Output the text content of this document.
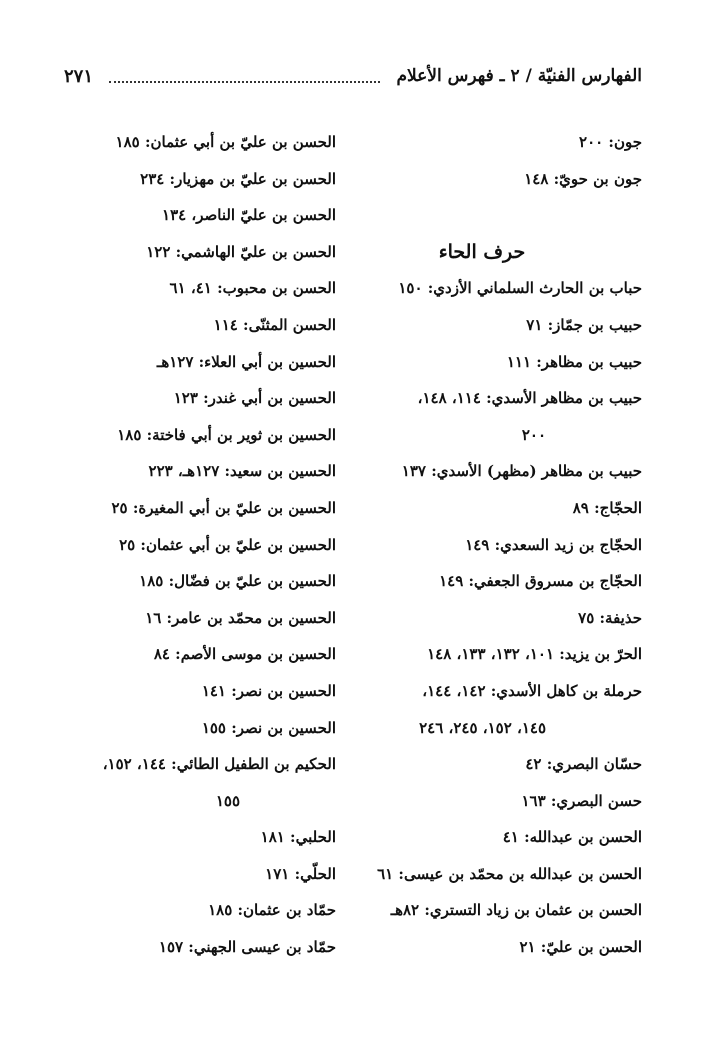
الفهارس الفنيّة / ٢ ـ فهرس الأعلام
٢٧١
جون: ٢٠٠
جون بن حويّ: ١٤٨
حرف الحاء
حباب بن الحارث السلماني الأزدي: ١٥٠
حبيب بن جمّاز: ٧١
حبيب بن مظاهر: ١١١
حبيب بن مظاهر الأسدي: ١١٤، ١٤٨،
٢٠٠
حبيب بن مظاهر (مظهر) الأسدي: ١٣٧
الحجّاج: ٨٩
الحجّاج بن زيد السعدي: ١٤٩
الحجّاج بن مسروق الجعفي: ١٤٩
حذيفة: ٧٥
الحرّ بن يزيد: ١٠١، ١٣٢، ١٣٣، ١٤٨
حرملة بن كاهل الأسدي: ١٤٢، ١٤٤،
١٤٥، ١٥٢، ٢٤٥، ٢٤٦
حسّان البصري: ٤٢
حسن البصري: ١٦٣
الحسن بن عبدالله: ٤١
الحسن بن عبدالله بن محمّد بن عيسى: ٦١
الحسن بن عثمان بن زياد التستري: ٨٢هـ
الحسن بن عليّ: ٢١
الحسن بن عليّ بن أبي عثمان: ١٨٥
الحسن بن عليّ بن مهزيار: ٢٣٤
الحسن بن عليّ الناصر، ١٣٤
الحسن بن عليّ الهاشمي: ١٢٢
الحسن بن محبوب: ٤١، ٦١
الحسن المثنّى: ١١٤
الحسين بن أبي العلاء: ١٢٧هـ
الحسين بن أبي غندر: ١٢٣
الحسين بن ثوير بن أبي فاختة: ١٨٥
الحسين بن سعيد: ١٢٧هـ، ٢٢٣
الحسين بن عليّ بن أبي المغيرة: ٢٥
الحسين بن عليّ بن أبي عثمان: ٢٥
الحسين بن عليّ بن فضّال: ١٨٥
الحسين بن محمّد بن عامر: ١٦
الحسين بن موسى الأصم: ٨٤
الحسين بن نصر: ١٤١
الحسين بن نصر: ١٥٥
الحكيم بن الطفيل الطائي: ١٤٤، ١٥٢،
١٥٥
الحلبي: ١٨١
الحلّي: ١٧١
حمّاد بن عثمان: ١٨٥
حمّاد بن عيسى الجهني: ١٥٧
